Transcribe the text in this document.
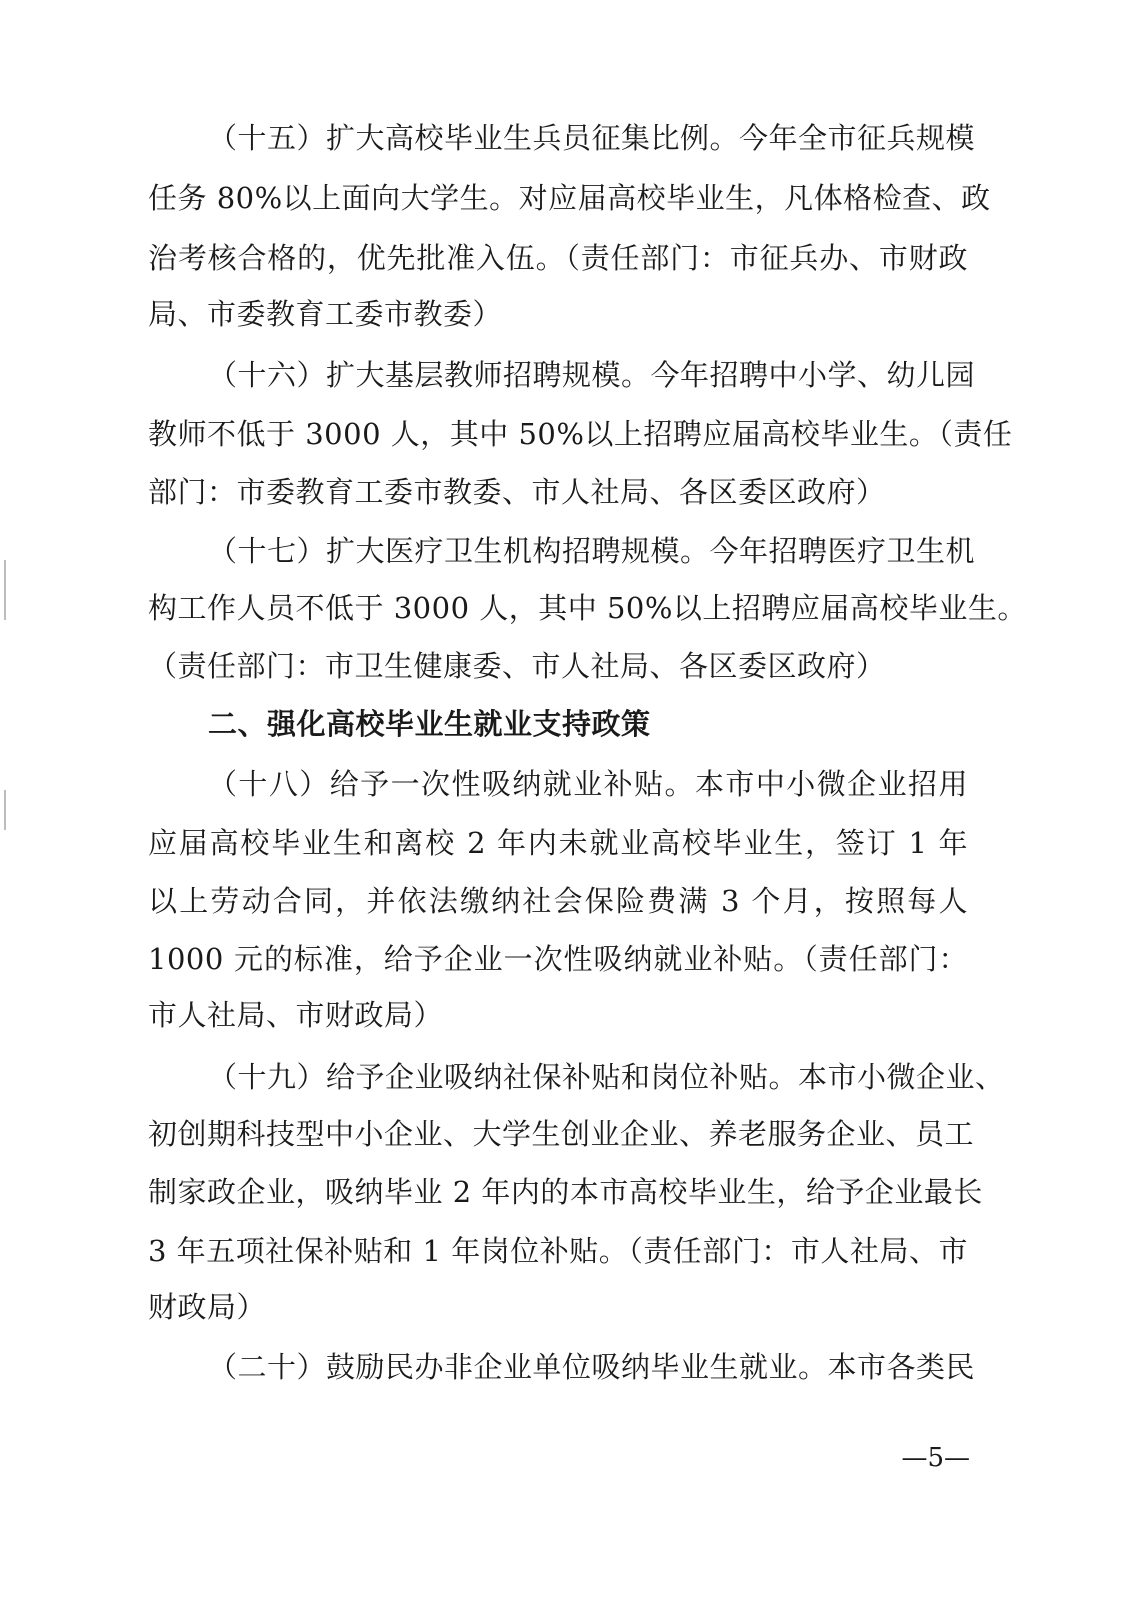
（十五）扩大高校毕业生兵员征集比例。今年全市征兵规模
任务 80%以上面向大学生。对应届高校毕业生，凡体格检查、政
治考核合格的，优先批准入伍。（责任部门：市征兵办、市财政
局、市委教育工委市教委）
（十六）扩大基层教师招聘规模。今年招聘中小学、幼儿园
教师不低于 3000 人，其中 50%以上招聘应届高校毕业生。（责任
部门：市委教育工委市教委、市人社局、各区委区政府）
（十七）扩大医疗卫生机构招聘规模。今年招聘医疗卫生机
构工作人员不低于 3000 人，其中 50%以上招聘应届高校毕业生。
（责任部门：市卫生健康委、市人社局、各区委区政府）
二、强化高校毕业生就业支持政策
（十八）给予一次性吸纳就业补贴。本市中小微企业招用
应届高校毕业生和离校 2 年内未就业高校毕业生，签订 1 年
以上劳动合同，并依法缴纳社会保险费满 3 个月，按照每人
1000 元的标准，给予企业一次性吸纳就业补贴。（责任部门：
市人社局、市财政局）
（十九）给予企业吸纳社保补贴和岗位补贴。本市小微企业、
初创期科技型中小企业、大学生创业企业、养老服务企业、员工
制家政企业，吸纳毕业 2 年内的本市高校毕业生，给予企业最长
3 年五项社保补贴和 1 年岗位补贴。（责任部门：市人社局、市
财政局）
（二十）鼓励民办非企业单位吸纳毕业生就业。本市各类民
—5—
